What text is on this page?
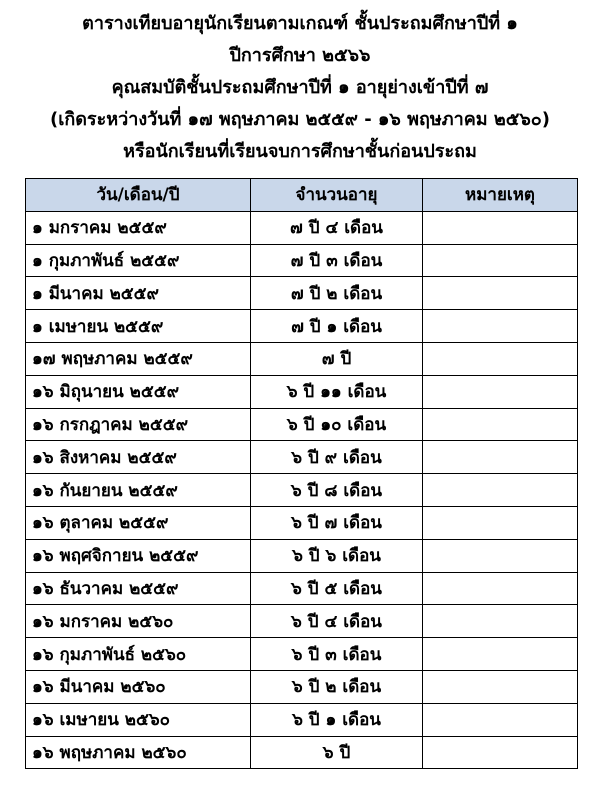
ตารางเทียบอายุนักเรียนตามเกณฑ์ ชั้นประถมศึกษาปีที่ ๑
ปีการศึกษา ๒๕๖๖
คุณสมบัติชั้นประถมศึกษาปีที่ ๑ อายุย่างเข้าปีที่ ๗
(เกิดระหว่างวันที่ ๑๗ พฤษภาคม ๒๕๕๙ - ๑๖ พฤษภาคม ๒๕๖๐)
หรือนักเรียนที่เรียนจบการศึกษาชั้นก่อนประถม
วัน/เดือน/ปี	จำนวนอายุ	หมายเหตุ
๑ มกราคม ๒๕๕๙	๗ ปี ๔ เดือน	
๑ กุมภาพันธ์ ๒๕๕๙	๗ ปี ๓ เดือน	
๑ มีนาคม ๒๕๕๙	๗ ปี ๒ เดือน	
๑ เมษายน ๒๕๕๙	๗ ปี ๑ เดือน	
๑๗ พฤษภาคม ๒๕๕๙	๗ ปี	
๑๖ มิถุนายน ๒๕๕๙	๖ ปี ๑๑ เดือน	
๑๖ กรกฎาคม ๒๕๕๙	๖ ปี ๑๐ เดือน	
๑๖ สิงหาคม ๒๕๕๙	๖ ปี ๙ เดือน	
๑๖ กันยายน ๒๕๕๙	๖ ปี ๘ เดือน	
๑๖ ตุลาคม ๒๕๕๙	๖ ปี ๗ เดือน	
๑๖ พฤศจิกายน ๒๕๕๙	๖ ปี ๖ เดือน	
๑๖ ธันวาคม ๒๕๕๙	๖ ปี ๕ เดือน	
๑๖ มกราคม ๒๕๖๐	๖ ปี ๔ เดือน	
๑๖ กุมภาพันธ์ ๒๕๖๐	๖ ปี ๓ เดือน	
๑๖ มีนาคม ๒๕๖๐	๖ ปี ๒ เดือน	
๑๖ เมษายน ๒๕๖๐	๖ ปี ๑ เดือน	
๑๖ พฤษภาคม ๒๕๖๐	๖ ปี	
